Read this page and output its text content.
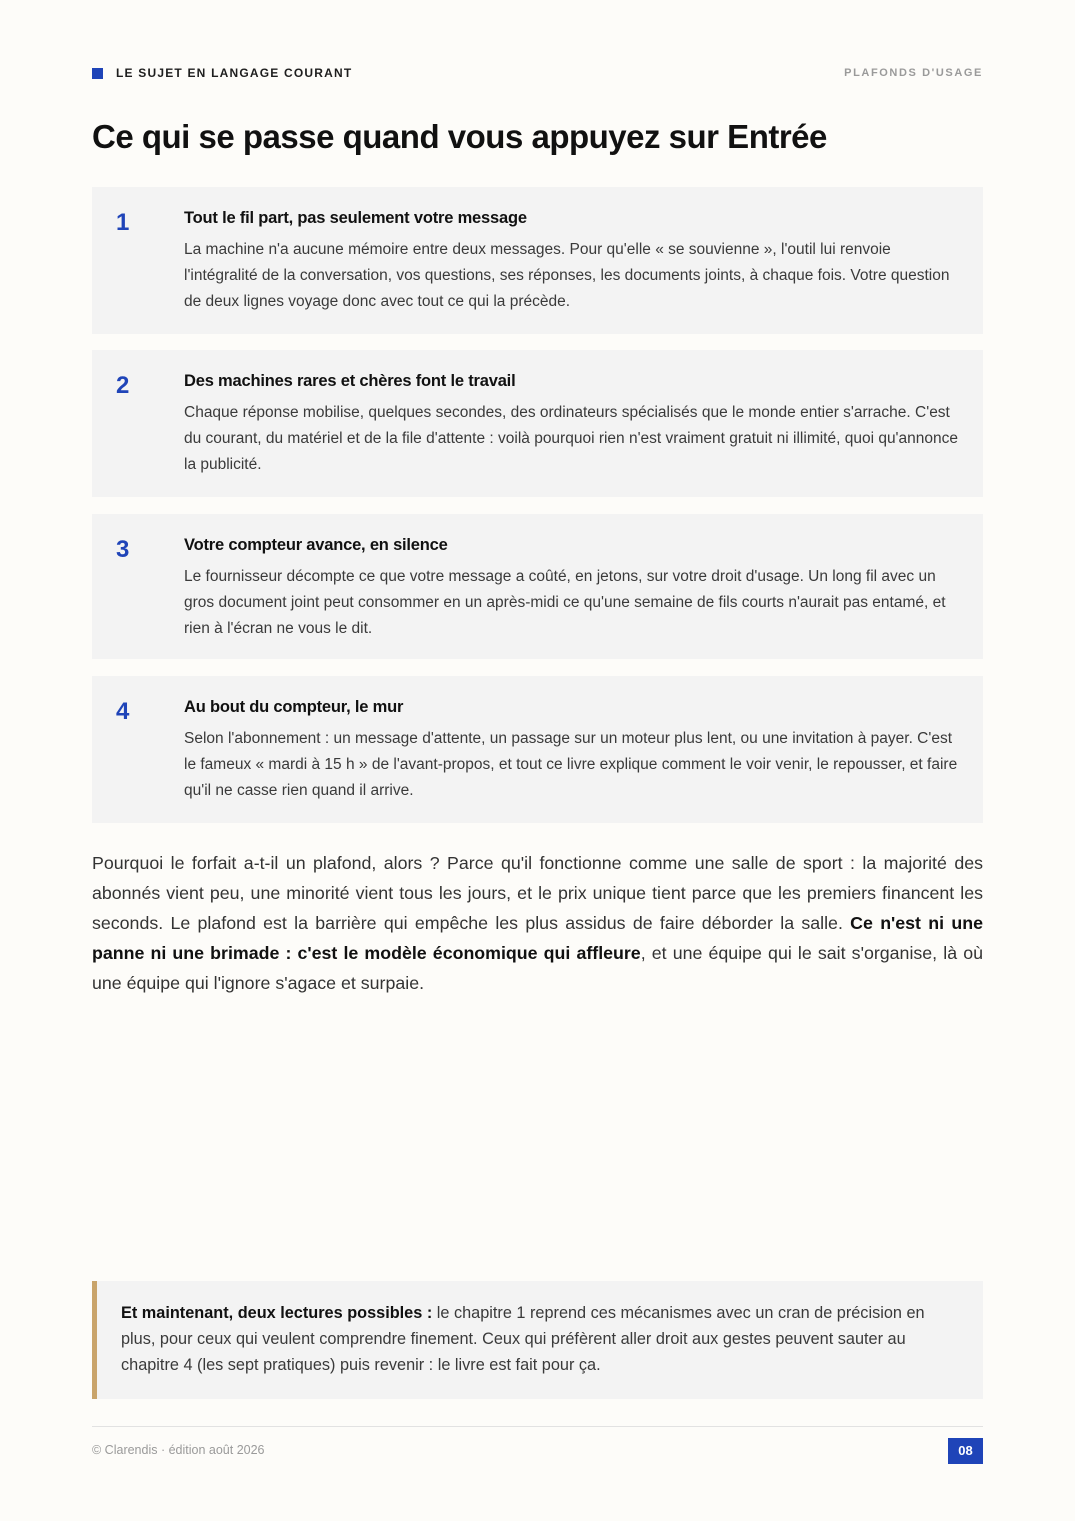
LE SUJET EN LANGAGE COURANT	PLAFONDS D'USAGE
Ce qui se passe quand vous appuyez sur Entrée
1	Tout le fil part, pas seulement votre message
La machine n'a aucune mémoire entre deux messages. Pour qu'elle « se souvienne », l'outil lui renvoie l'intégralité de la conversation, vos questions, ses réponses, les documents joints, à chaque fois. Votre question de deux lignes voyage donc avec tout ce qui la précède.
2	Des machines rares et chères font le travail
Chaque réponse mobilise, quelques secondes, des ordinateurs spécialisés que le monde entier s'arrache. C'est du courant, du matériel et de la file d'attente : voilà pourquoi rien n'est vraiment gratuit ni illimité, quoi qu'annonce la publicité.
3	Votre compteur avance, en silence
Le fournisseur décompte ce que votre message a coûté, en jetons, sur votre droit d'usage. Un long fil avec un gros document joint peut consommer en un après-midi ce qu'une semaine de fils courts n'aurait pas entamé, et rien à l'écran ne vous le dit.
4	Au bout du compteur, le mur
Selon l'abonnement : un message d'attente, un passage sur un moteur plus lent, ou une invitation à payer. C'est le fameux « mardi à 15 h » de l'avant-propos, et tout ce livre explique comment le voir venir, le repousser, et faire qu'il ne casse rien quand il arrive.

Pourquoi le forfait a-t-il un plafond, alors ? Parce qu'il fonctionne comme une salle de sport : la majorité des abonnés vient peu, une minorité vient tous les jours, et le prix unique tient parce que les premiers financent les seconds. Le plafond est la barrière qui empêche les plus assidus de faire déborder la salle. Ce n'est ni une panne ni une brimade : c'est le modèle économique qui affleure, et une équipe qui le sait s'organise, là où une équipe qui l'ignore s'agace et surpaie.

Et maintenant, deux lectures possibles : le chapitre 1 reprend ces mécanismes avec un cran de précision en plus, pour ceux qui veulent comprendre finement. Ceux qui préfèrent aller droit aux gestes peuvent sauter au chapitre 4 (les sept pratiques) puis revenir : le livre est fait pour ça.

© Clarendis · édition août 2026	08
